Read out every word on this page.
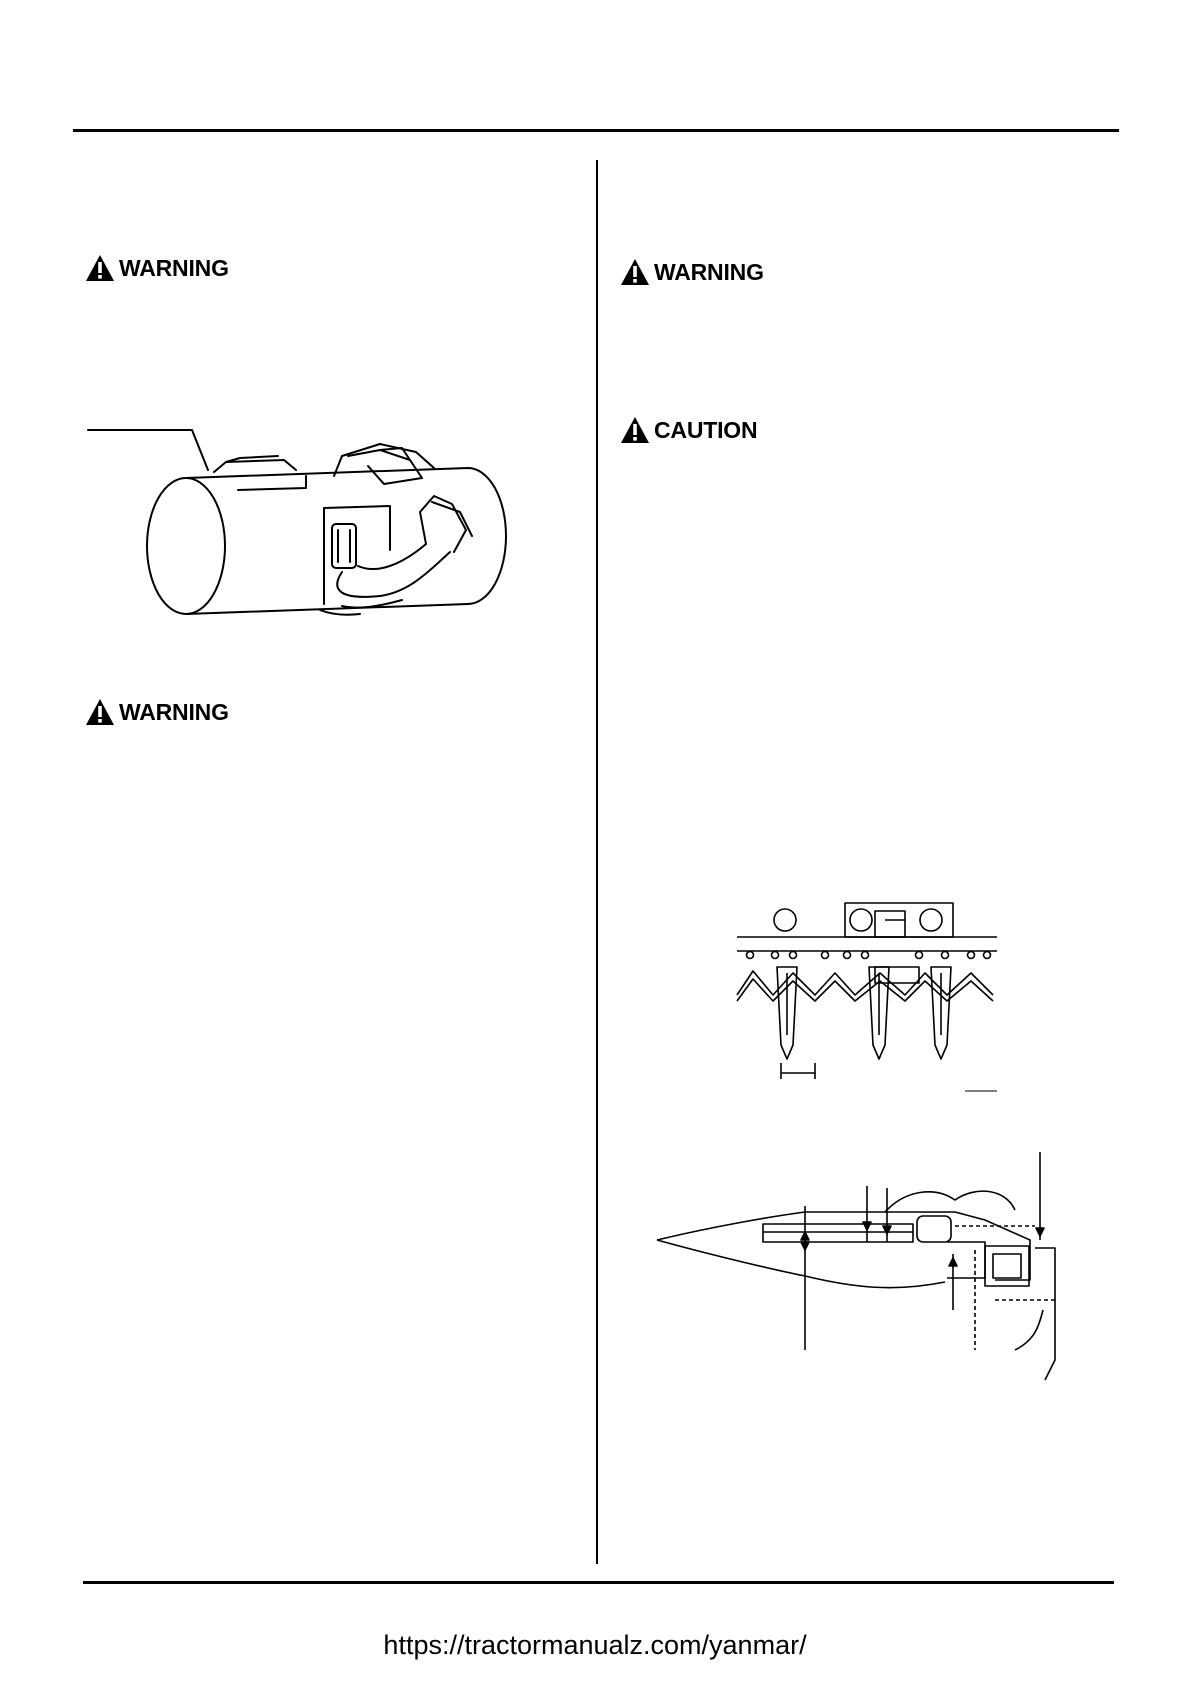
WARNING
WARNING
WARNING
CAUTION
https://tractormanualz.com/yanmar/
